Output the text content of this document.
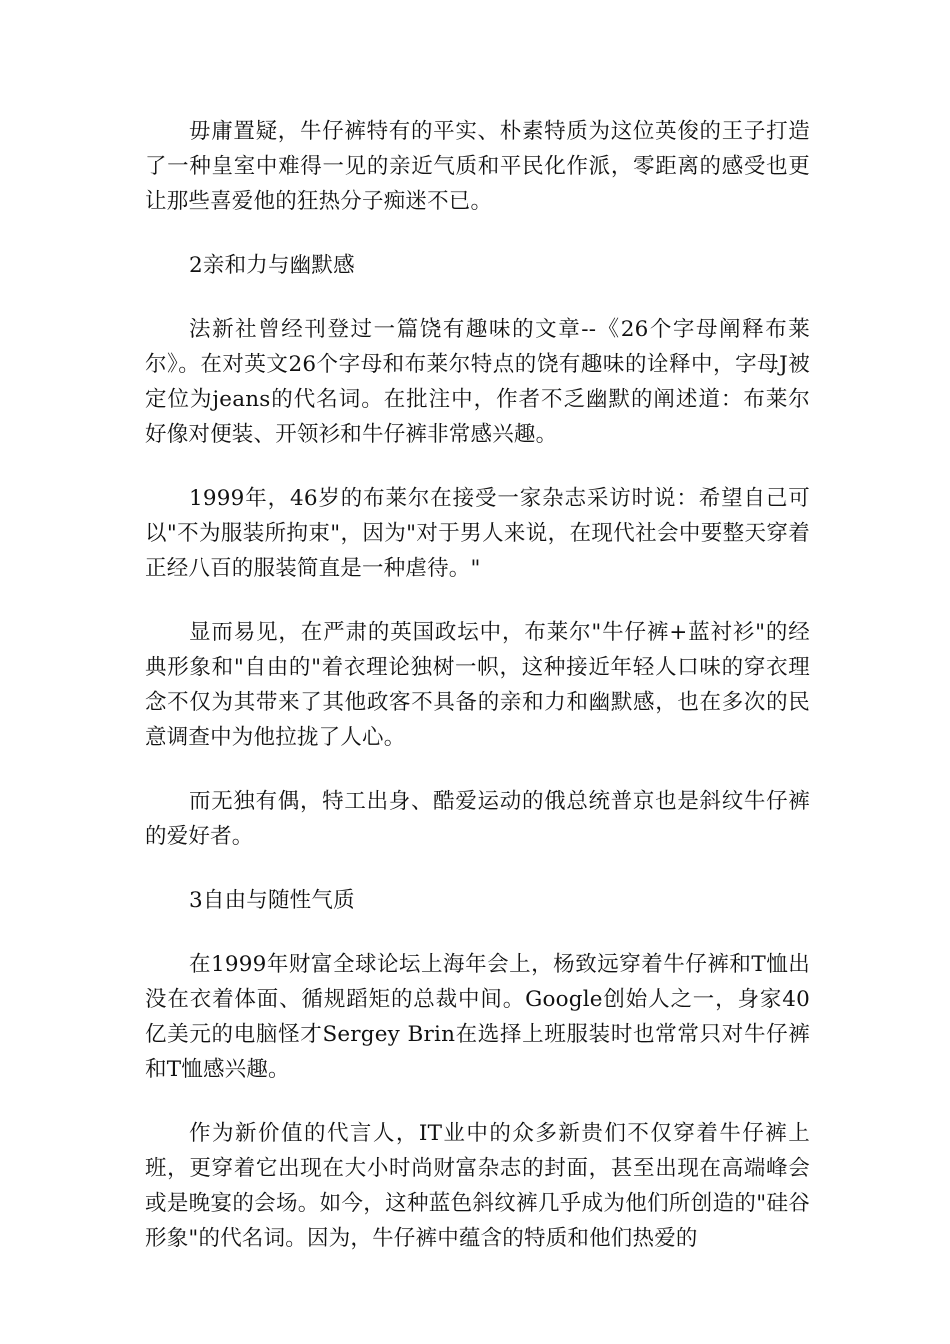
毋庸置疑，牛仔裤特有的平实、朴素特质为这位英俊的王子打造了一种皇室中难得一见的亲近气质和平民化作派，零距离的感受也更让那些喜爱他的狂热分子痴迷不已。

2亲和力与幽默感

法新社曾经刊登过一篇饶有趣味的文章--《26个字母阐释布莱尔》。在对英文26个字母和布莱尔特点的饶有趣味的诠释中，字母J被定位为jeans的代名词。在批注中，作者不乏幽默的阐述道：布莱尔好像对便装、开领衫和牛仔裤非常感兴趣。

1999年，46岁的布莱尔在接受一家杂志采访时说：希望自己可以"不为服装所拘束"，因为"对于男人来说，在现代社会中要整天穿着正经八百的服装简直是一种虐待。"

显而易见，在严肃的英国政坛中，布莱尔"牛仔裤+蓝衬衫"的经典形象和"自由的"着衣理论独树一帜，这种接近年轻人口味的穿衣理念不仅为其带来了其他政客不具备的亲和力和幽默感，也在多次的民意调查中为他拉拢了人心。

而无独有偶，特工出身、酷爱运动的俄总统普京也是斜纹牛仔裤的爱好者。

3自由与随性气质

在1999年财富全球论坛上海年会上，杨致远穿着牛仔裤和T恤出没在衣着体面、循规蹈矩的总裁中间。Google创始人之一，身家40亿美元的电脑怪才Sergey Brin在选择上班服装时也常常只对牛仔裤和T恤感兴趣。

作为新价值的代言人，IT业中的众多新贵们不仅穿着牛仔裤上班，更穿着它出现在大小时尚财富杂志的封面，甚至出现在高端峰会或是晚宴的会场。如今，这种蓝色斜纹裤几乎成为他们所创造的"硅谷形象"的代名词。因为，牛仔裤中蕴含的特质和他们热爱的
